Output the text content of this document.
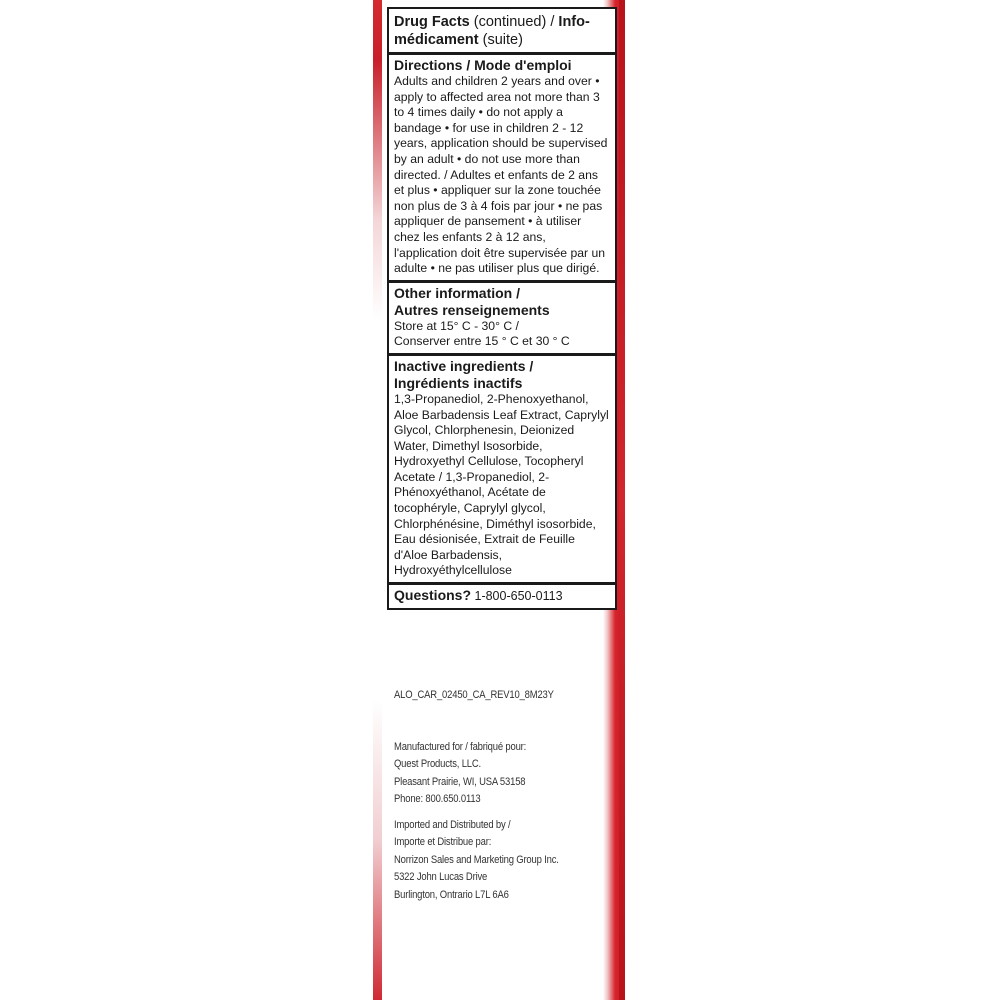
Drug Facts (continued) / Info-
médicament (suite)
Directions / Mode d'emploi
Adults and children 2 years and over • apply to affected area not more than 3 to 4 times daily • do not apply a bandage • for use in children 2 - 12 years, application should be supervised by an adult • do not use more than directed. / Adultes et enfants de 2 ans et plus • appliquer sur la zone touchée non plus de 3 à 4 fois par jour • ne pas appliquer de pansement • à utiliser chez les enfants 2 à 12 ans, l'application doit être supervisée par un adulte • ne pas utiliser plus que dirigé.
Other information /
Autres renseignements
Store at 15° C - 30° C /
Conserver entre 15 ° C et 30 ° C
Inactive ingredients /
Ingrédients inactifs
1,3-Propanediol, 2-Phenoxyethanol, Aloe Barbadensis Leaf Extract, Caprylyl Glycol, Chlorphenesin, Deionized Water, Dimethyl Isosorbide, Hydroxyethyl Cellulose, Tocopheryl Acetate / 1,3-Propanediol, 2-Phénoxyéthanol, Acétate de tocophéryle, Caprylyl glycol, Chlorphénésine, Diméthyl isosorbide, Eau désionisée, Extrait de Feuille d'Aloe Barbadensis, Hydroxyéthylcellulose
Questions? 1-800-650-0113
ALO_CAR_02450_CA_REV10_8M23Y
Manufactured for / fabriqué pour:
Quest Products, LLC.
Pleasant Prairie, WI, USA 53158
Phone: 800.650.0113
Imported and Distributed by /
Importe et Distribue par:
Norrizon Sales and Marketing Group Inc.
5322 John Lucas Drive
Burlington, Ontrario L7L 6A6
